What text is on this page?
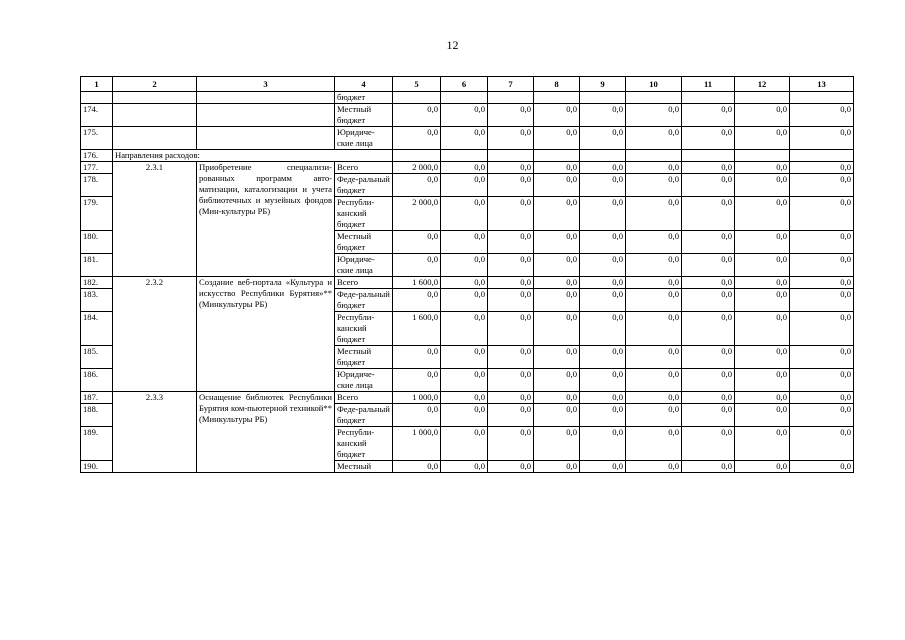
12
1	2	3	4	5	6	7	8	9	10	11	12	13
			бюджет									
174.			Местный бюджет	0,0	0,0	0,0	0,0	0,0	0,0	0,0	0,0	0,0
175.			Юридиче-ские лица	0,0	0,0	0,0	0,0	0,0	0,0	0,0	0,0	0,0
176.	Направления расходов:											
177.	2.3.1	Приобретение специализи-рованных программ авто-матизации, каталогизации и учета библиотечных и музейных фондов (Мин-культуры РБ)	Всего	2 000,0	0,0	0,0	0,0	0,0	0,0	0,0	0,0	0,0
178.			Феде-ральный бюджет	0,0	0,0	0,0	0,0	0,0	0,0	0,0	0,0	0,0
179.			Республи-канский бюджет	2 000,0	0,0	0,0	0,0	0,0	0,0	0,0	0,0	0,0
180.			Местный бюджет	0,0	0,0	0,0	0,0	0,0	0,0	0,0	0,0	0,0
181.			Юридиче-ские лица	0,0	0,0	0,0	0,0	0,0	0,0	0,0	0,0	0,0
182.	2.3.2	Создание веб-портала «Культура и искусство Республики Бурятия»** (Минкультуры РБ)	Всего	1 600,0	0,0	0,0	0,0	0,0	0,0	0,0	0,0	0,0
183.			Феде-ральный бюджет	0,0	0,0	0,0	0,0	0,0	0,0	0,0	0,0	0,0
184.			Республи-канский бюджет	1 600,0	0,0	0,0	0,0	0,0	0,0	0,0	0,0	0,0
185.			Местный бюджет	0,0	0,0	0,0	0,0	0,0	0,0	0,0	0,0	0,0
186.			Юридиче-ские лица	0,0	0,0	0,0	0,0	0,0	0,0	0,0	0,0	0,0
187.	2.3.3	Оснащение библиотек Республики Бурятия ком-пьютерной техникой** (Минкультуры РБ)	Всего	1 000,0	0,0	0,0	0,0	0,0	0,0	0,0	0,0	0,0
188.			Феде-ральный бюджет	0,0	0,0	0,0	0,0	0,0	0,0	0,0	0,0	0,0
189.			Республи-канский бюджет	1 000,0	0,0	0,0	0,0	0,0	0,0	0,0	0,0	0,0
190.			Местный	0,0	0,0	0,0	0,0	0,0	0,0	0,0	0,0	0,0
